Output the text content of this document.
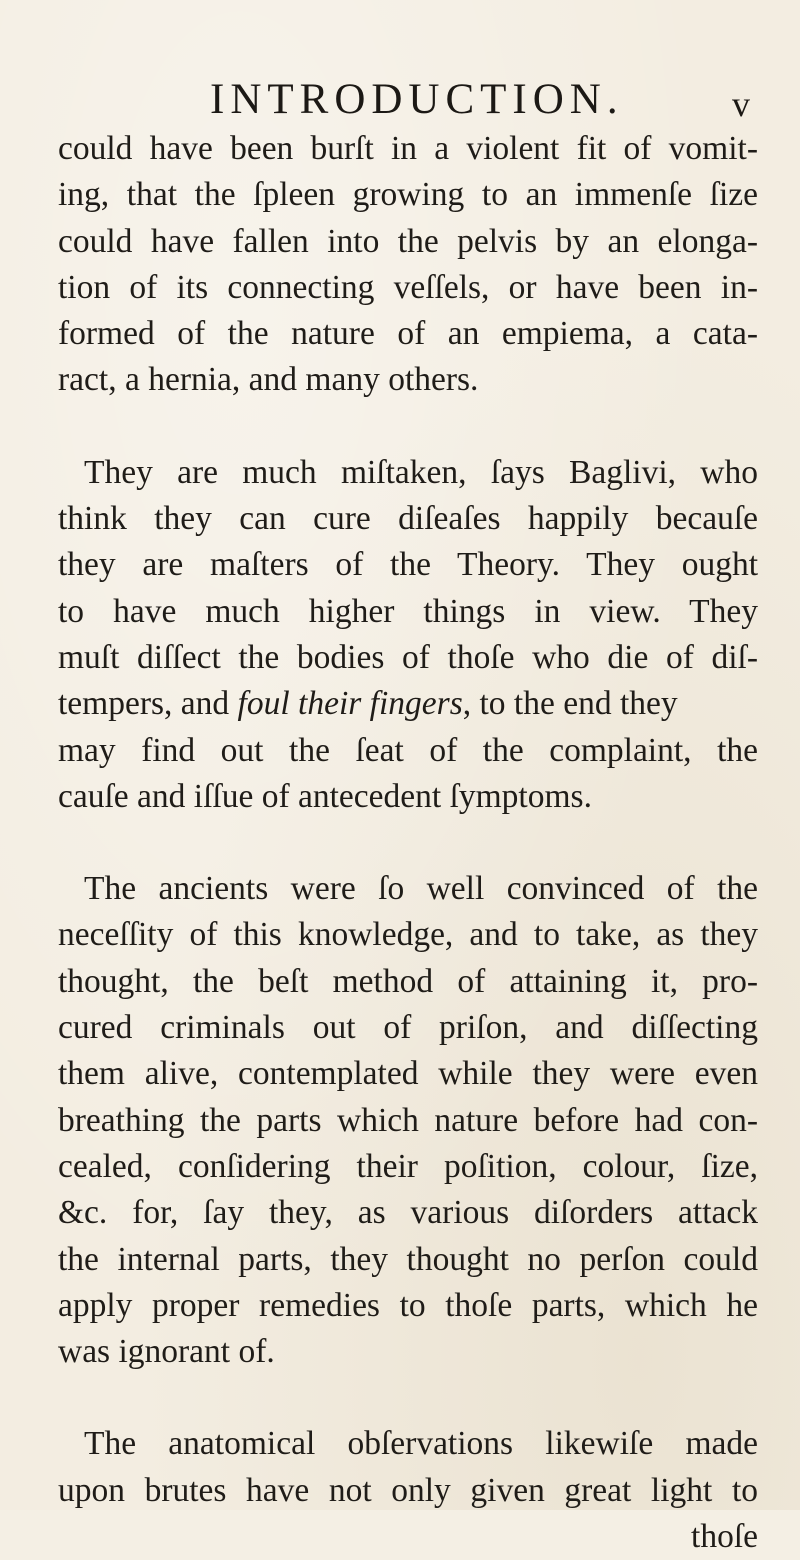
INTRODUCTION.	v
could have been burſt in a violent fit of vomit-
ing, that the ſpleen growing to an immenſe ſize
could have fallen into the pelvis by an elonga-
tion of its connecting veſſels, or have been in-
formed of the nature of an empiema, a cata-
ract, a hernia, and many others.
They are much miſtaken, ſays Baglivi, who
think they can cure diſeaſes happily becauſe
they are maſters of the Theory. They ought
to have much higher things in view. They
muſt diſſect the bodies of thoſe who die of diſ-
tempers, and foul their fingers, to the end they
may find out the ſeat of the complaint, the
cauſe and iſſue of antecedent ſymptoms.
The ancients were ſo well convinced of the
neceſſity of this knowledge, and to take, as they
thought, the beſt method of attaining it, pro-
cured criminals out of priſon, and diſſecting
them alive, contemplated while they were even
breathing the parts which nature before had con-
cealed, conſidering their poſition, colour, ſize,
&c. for, ſay they, as various diſorders attack
the internal parts, they thought no perſon could
apply proper remedies to thoſe parts, which he
was ignorant of.
The anatomical obſervations likewiſe made
upon brutes have not only given great light to
thoſe
